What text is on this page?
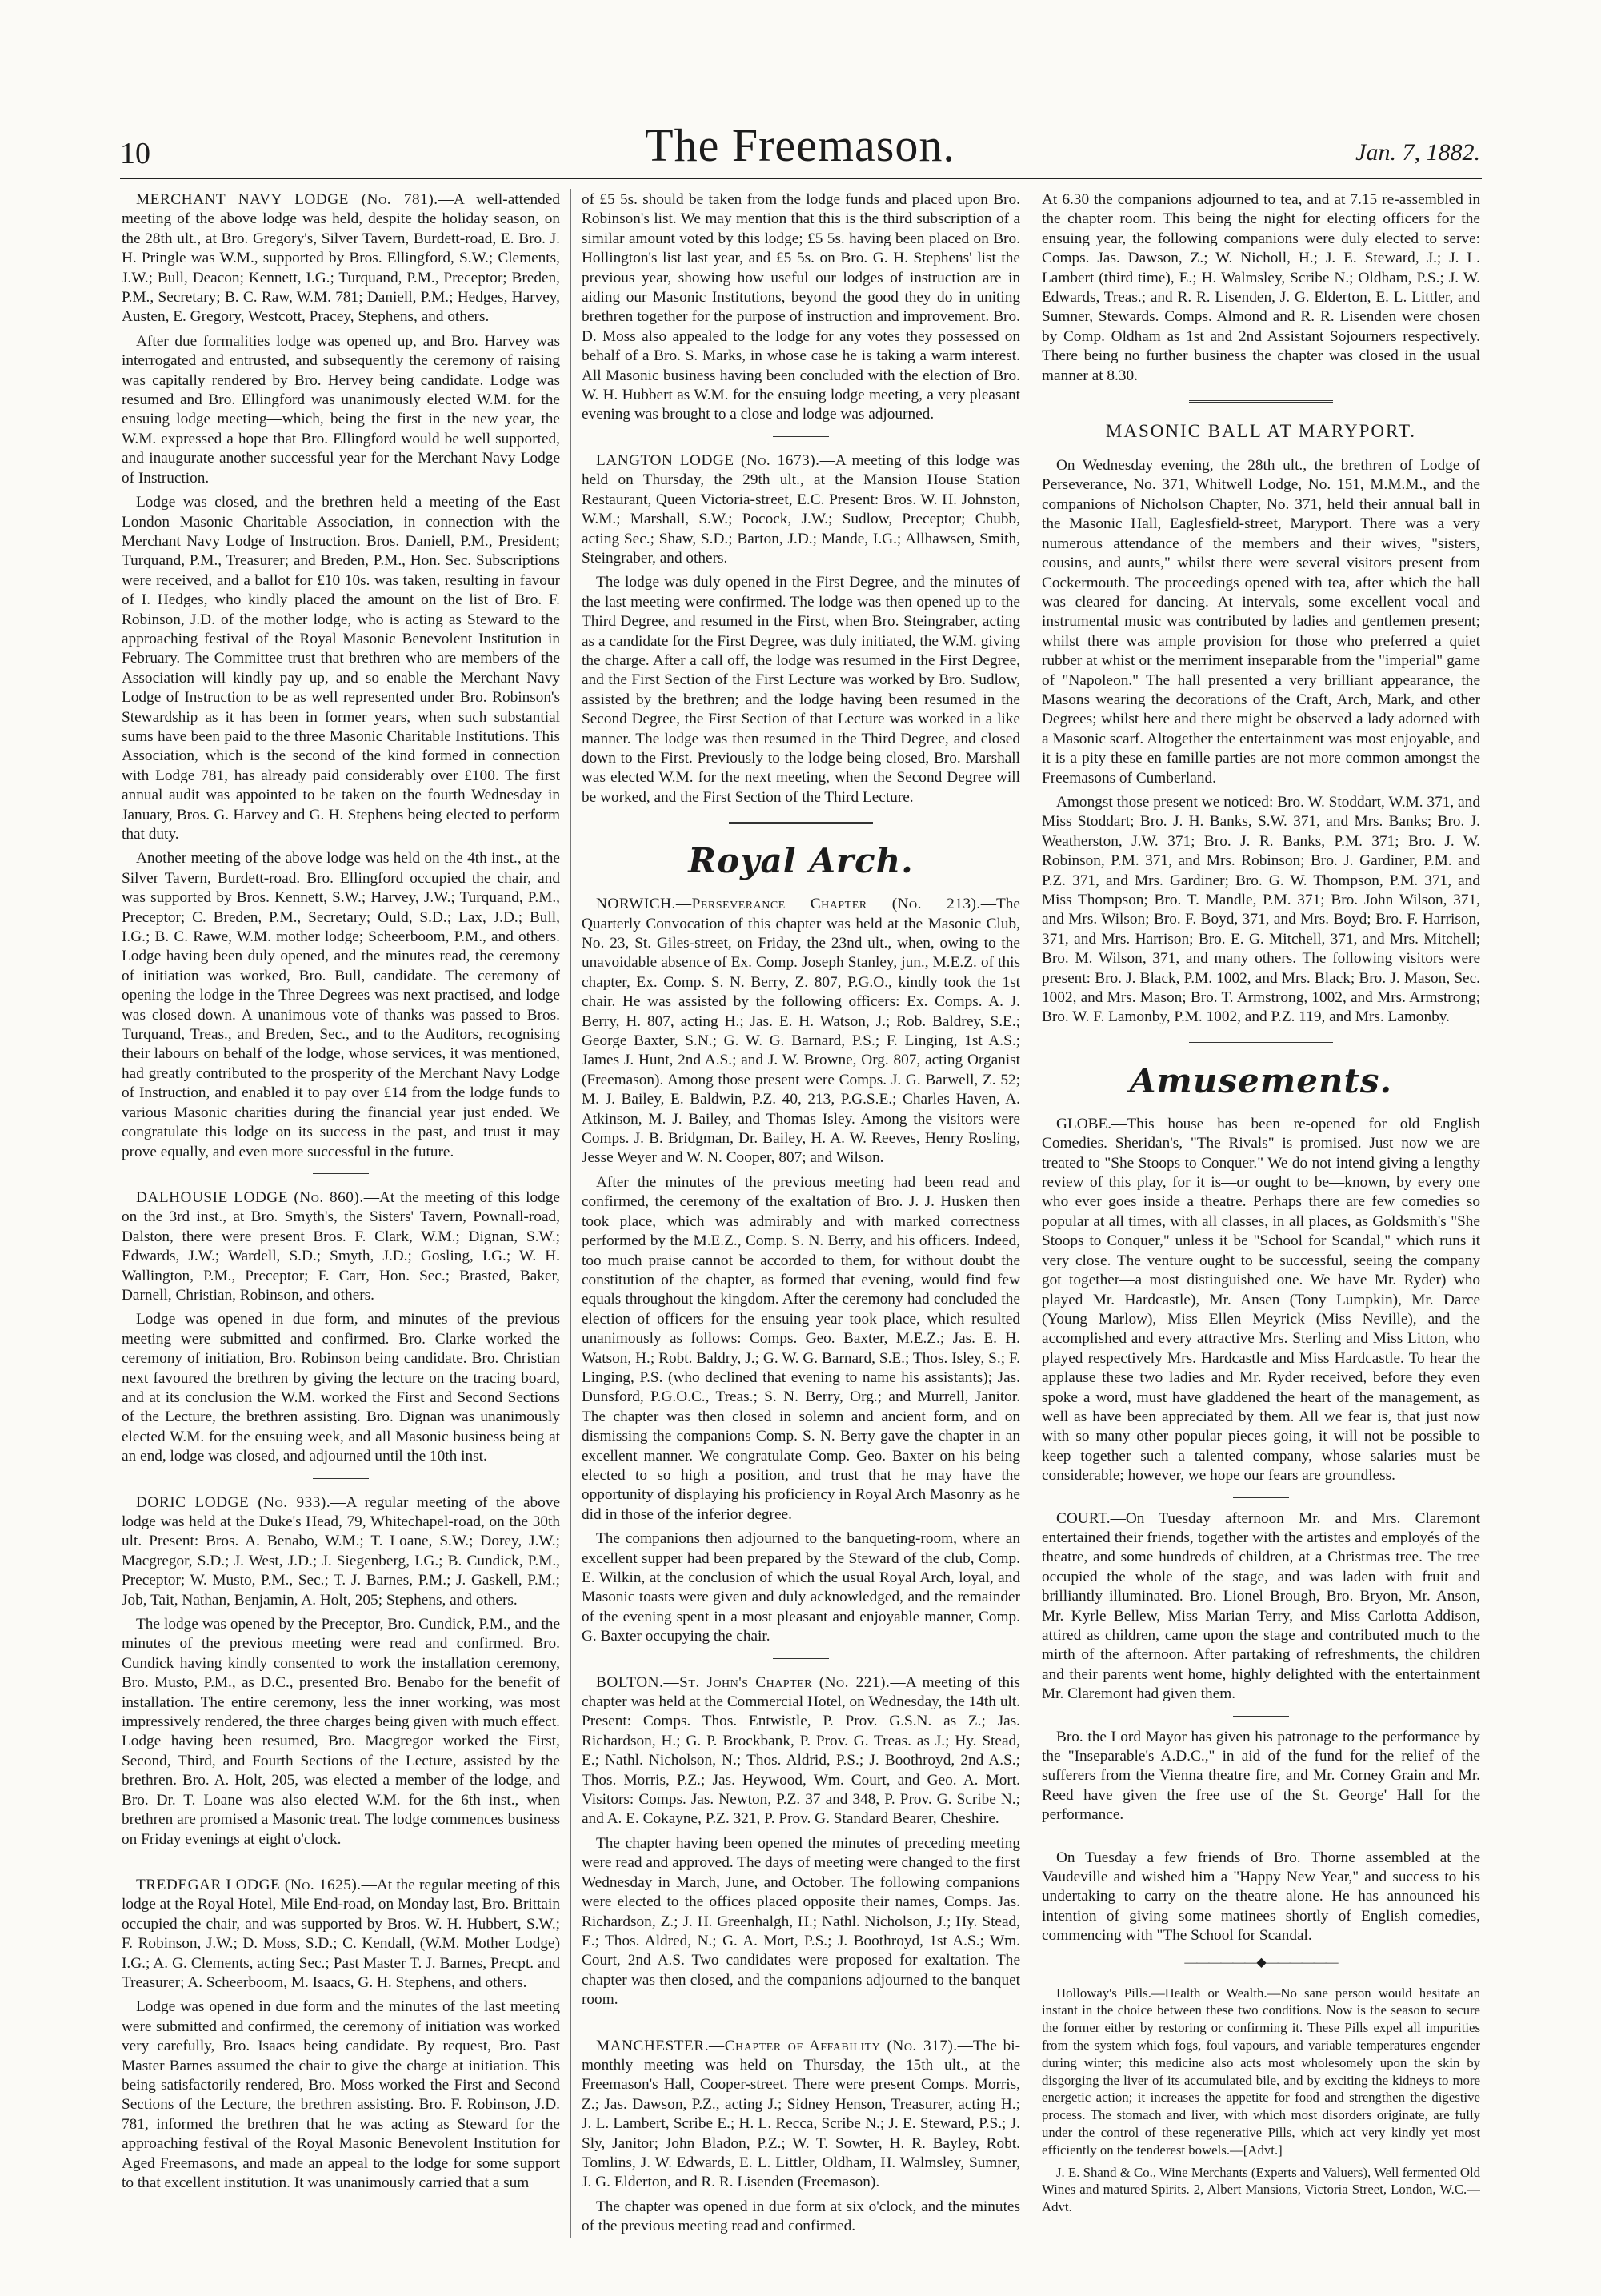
10	The Freemason.	Jan. 7, 1882.

MERCHANT NAVY LODGE (No. 781).—A well-attended meeting of the above lodge was held, despite the holiday season, on the 28th ult., at Bro. Gregory's, Silver Tavern, Burdett-road, E. Bro. J. H. Pringle was W.M., supported by Bros. Ellingford, S.W.; Clements, J.W.; Bull, Deacon; Kennett, I.G.; Turquand, P.M., Preceptor; Breden, P.M., Secretary; B. C. Raw, W.M. 781; Daniell, P.M.; Hedges, Harvey, Austen, E. Gregory, Westcott, Pracey, Stephens, and others.

After due formalities lodge was opened up, and Bro. Harvey was interrogated and entrusted, and subsequently the ceremony of raising was capitally rendered by Bro. Hervey being candidate. Lodge was resumed and Bro. Ellingford was unanimously elected W.M. for the ensuing lodge meeting—which, being the first in the new year, the W.M. expressed a hope that Bro. Ellingford would be well supported, and inaugurate another successful year for the Merchant Navy Lodge of Instruction.

Lodge was closed, and the brethren held a meeting of the East London Masonic Charitable Association, in connection with the Merchant Navy Lodge of Instruction. Bros. Daniell, P.M., President; Turquand, P.M., Treasurer; and Breden, P.M., Hon. Sec. Subscriptions were received, and a ballot for £10 10s. was taken, resulting in favour of I. Hedges, who kindly placed the amount on the list of Bro. F. Robinson, J.D. of the mother lodge, who is acting as Steward to the approaching festival of the Royal Masonic Benevolent Institution in February. The Committee trust that brethren who are members of the Association will kindly pay up, and so enable the Merchant Navy Lodge of Instruction to be as well represented under Bro. Robinson's Stewardship as it has been in former years, when such substantial sums have been paid to the three Masonic Charitable Institutions. This Association, which is the second of the kind formed in connection with Lodge 781, has already paid considerably over £100. The first annual audit was appointed to be taken on the fourth Wednesday in January, Bros. G. Harvey and G. H. Stephens being elected to perform that duty.

Another meeting of the above lodge was held on the 4th inst., at the Silver Tavern, Burdett-road. Bro. Ellingford occupied the chair, and was supported by Bros. Kennett, S.W.; Harvey, J.W.; Turquand, P.M., Preceptor; C. Breden, P.M., Secretary; Ould, S.D.; Lax, J.D.; Bull, I.G.; B. C. Rawe, W.M. mother lodge; Scheerboom, P.M., and others. Lodge having been duly opened, and the minutes read, the ceremony of initiation was worked, Bro. Bull, candidate. The ceremony of opening the lodge in the Three Degrees was next practised, and lodge was closed down. A unanimous vote of thanks was passed to Bros. Turquand, Treas., and Breden, Sec., and to the Auditors, recognising their labours on behalf of the lodge, whose services, it was mentioned, had greatly contributed to the prosperity of the Merchant Navy Lodge of Instruction, and enabled it to pay over £14 from the lodge funds to various Masonic charities during the financial year just ended. We congratulate this lodge on its success in the past, and trust it may prove equally, and even more successful in the future.

DALHOUSIE LODGE (No. 860).—At the meeting of this lodge on the 3rd inst., at Bro. Smyth's, the Sisters' Tavern, Pownall-road, Dalston, there were present Bros. F. Clark, W.M.; Dignan, S.W.; Edwards, J.W.; Wardell, S.D.; Smyth, J.D.; Gosling, I.G.; W. H. Wallington, P.M., Preceptor; F. Carr, Hon. Sec.; Brasted, Baker, Darnell, Christian, Robinson, and others.

Lodge was opened in due form, and minutes of the previous meeting were submitted and confirmed. Bro. Clarke worked the ceremony of initiation, Bro. Robinson being candidate. Bro. Christian next favoured the brethren by giving the lecture on the tracing board, and at its conclusion the W.M. worked the First and Second Sections of the Lecture, the brethren assisting. Bro. Dignan was unanimously elected W.M. for the ensuing week, and all Masonic business being at an end, lodge was closed, and adjourned until the 10th inst.

DORIC LODGE (No. 933).—A regular meeting of the above lodge was held at the Duke's Head, 79, Whitechapel-road, on the 30th ult. Present: Bros. A. Benabo, W.M.; T. Loane, S.W.; Dorey, J.W.; Macgregor, S.D.; J. West, J.D.; J. Siegenberg, I.G.; B. Cundick, P.M., Preceptor; W. Musto, P.M., Sec.; T. J. Barnes, P.M.; J. Gaskell, P.M.; Job, Tait, Nathan, Benjamin, A. Holt, 205; Stephens, and others.

The lodge was opened by the Preceptor, Bro. Cundick, P.M., and the minutes of the previous meeting were read and confirmed. Bro. Cundick having kindly consented to work the installation ceremony, Bro. Musto, P.M., as D.C., presented Bro. Benabo for the benefit of installation. The entire ceremony, less the inner working, was most impressively rendered, the three charges being given with much effect. Lodge having been resumed, Bro. Macgregor worked the First, Second, Third, and Fourth Sections of the Lecture, assisted by the brethren. Bro. A. Holt, 205, was elected a member of the lodge, and Bro. Dr. T. Loane was also elected W.M. for the 6th inst., when brethren are promised a Masonic treat. The lodge commences business on Friday evenings at eight o'clock.

TREDEGAR LODGE (No. 1625).—At the regular meeting of this lodge at the Royal Hotel, Mile End-road, on Monday last, Bro. Brittain occupied the chair, and was supported by Bros. W. H. Hubbert, S.W.; F. Robinson, J.W.; D. Moss, S.D.; C. Kendall, (W.M. Mother Lodge) I.G.; A. G. Clements, acting Sec.; Past Master T. J. Barnes, Precpt. and Treasurer; A. Scheerboom, M. Isaacs, G. H. Stephens, and others.

Lodge was opened in due form and the minutes of the last meeting were submitted and confirmed, the ceremony of initiation was worked very carefully, Bro. Isaacs being candidate. By request, Bro. Past Master Barnes assumed the chair to give the charge at initiation. This being satisfactorily rendered, Bro. Moss worked the First and Second Sections of the Lecture, the brethren assisting. Bro. F. Robinson, J.D. 781, informed the brethren that he was acting as Steward for the approaching festival of the Royal Masonic Benevolent Institution for Aged Freemasons, and made an appeal to the lodge for some support to that excellent institution. It was unanimously carried that a sum

of £5 5s. should be taken from the lodge funds and placed upon Bro. Robinson's list. We may mention that this is the third subscription of a similar amount voted by this lodge; £5 5s. having been placed on Bro. Hollington's list last year, and £5 5s. on Bro. G. H. Stephens' list the previous year, showing how useful our lodges of instruction are in aiding our Masonic Institutions, beyond the good they do in uniting brethren together for the purpose of instruction and improvement. Bro. D. Moss also appealed to the lodge for any votes they possessed on behalf of a Bro. S. Marks, in whose case he is taking a warm interest. All Masonic business having been concluded with the election of Bro. W. H. Hubbert as W.M. for the ensuing lodge meeting, a very pleasant evening was brought to a close and lodge was adjourned.

LANGTON LODGE (No. 1673).—A meeting of this lodge was held on Thursday, the 29th ult., at the Mansion House Station Restaurant, Queen Victoria-street, E.C. Present: Bros. W. H. Johnston, W.M.; Marshall, S.W.; Pocock, J.W.; Sudlow, Preceptor; Chubb, acting Sec.; Shaw, S.D.; Barton, J.D.; Mande, I.G.; Allhawsen, Smith, Steingraber, and others.

The lodge was duly opened in the First Degree, and the minutes of the last meeting were confirmed. The lodge was then opened up to the Third Degree, and resumed in the First, when Bro. Steingraber, acting as a candidate for the First Degree, was duly initiated, the W.M. giving the charge. After a call off, the lodge was resumed in the First Degree, and the First Section of the First Lecture was worked by Bro. Sudlow, assisted by the brethren; and the lodge having been resumed in the Second Degree, the First Section of that Lecture was worked in a like manner. The lodge was then resumed in the Third Degree, and closed down to the First. Previously to the lodge being closed, Bro. Marshall was elected W.M. for the next meeting, when the Second Degree will be worked, and the First Section of the Third Lecture.

Royal Arch.

NORWICH.—Perseverance Chapter (No. 213).—The Quarterly Convocation of this chapter was held at the Masonic Club, No. 23, St. Giles-street, on Friday, the 23nd ult., when, owing to the unavoidable absence of Ex. Comp. Joseph Stanley, jun., M.E.Z. of this chapter, Ex. Comp. S. N. Berry, Z. 807, P.G.O., kindly took the 1st chair. He was assisted by the following officers: Ex. Comps. A. J. Berry, H. 807, acting H.; Jas. E. H. Watson, J.; Rob. Baldrey, S.E.; George Baxter, S.N.; G. W. G. Barnard, P.S.; F. Linging, 1st A.S.; James J. Hunt, 2nd A.S.; and J. W. Browne, Org. 807, acting Organist (Freemason). Among those present were Comps. J. G. Barwell, Z. 52; M. J. Bailey, E. Baldwin, P.Z. 40, 213, P.G.S.E.; Charles Haven, A. Atkinson, M. J. Bailey, and Thomas Isley. Among the visitors were Comps. J. B. Bridgman, Dr. Bailey, H. A. W. Reeves, Henry Rosling, Jesse Weyer and W. N. Cooper, 807; and Wilson.

After the minutes of the previous meeting had been read and confirmed, the ceremony of the exaltation of Bro. J. J. Husken then took place, which was admirably and with marked correctness performed by the M.E.Z., Comp. S. N. Berry, and his officers. Indeed, too much praise cannot be accorded to them, for without doubt the constitution of the chapter, as formed that evening, would find few equals throughout the kingdom. After the ceremony had concluded the election of officers for the ensuing year took place, which resulted unanimously as follows: Comps. Geo. Baxter, M.E.Z.; Jas. E. H. Watson, H.; Robt. Baldry, J.; G. W. G. Barnard, S.E.; Thos. Isley, S.; F. Linging, P.S. (who declined that evening to name his assistants); Jas. Dunsford, P.G.O.C., Treas.; S. N. Berry, Org.; and Murrell, Janitor. The chapter was then closed in solemn and ancient form, and on dismissing the companions Comp. S. N. Berry gave the chapter in an excellent manner. We congratulate Comp. Geo. Baxter on his being elected to so high a position, and trust that he may have the opportunity of displaying his proficiency in Royal Arch Masonry as he did in those of the inferior degree.

The companions then adjourned to the banqueting-room, where an excellent supper had been prepared by the Steward of the club, Comp. E. Wilkin, at the conclusion of which the usual Royal Arch, loyal, and Masonic toasts were given and duly acknowledged, and the remainder of the evening spent in a most pleasant and enjoyable manner, Comp. G. Baxter occupying the chair.

BOLTON.—St. John's Chapter (No. 221).—A meeting of this chapter was held at the Commercial Hotel, on Wednesday, the 14th ult. Present: Comps. Thos. Entwistle, P. Prov. G.S.N. as Z.; Jas. Richardson, H.; G. P. Brockbank, P. Prov. G. Treas. as J.; Hy. Stead, E.; Nathl. Nicholson, N.; Thos. Aldrid, P.S.; J. Boothroyd, 2nd A.S.; Thos. Morris, P.Z.; Jas. Heywood, Wm. Court, and Geo. A. Mort. Visitors: Comps. Jas. Newton, P.Z. 37 and 348, P. Prov. G. Scribe N.; and A. E. Cokayne, P.Z. 321, P. Prov. G. Standard Bearer, Cheshire.

The chapter having been opened the minutes of preceding meeting were read and approved. The days of meeting were changed to the first Wednesday in March, June, and October. The following companions were elected to the offices placed opposite their names, Comps. Jas. Richardson, Z.; J. H. Greenhalgh, H.; Nathl. Nicholson, J.; Hy. Stead, E.; Thos. Aldred, N.; G. A. Mort, P.S.; J. Boothroyd, 1st A.S.; Wm. Court, 2nd A.S. Two candidates were proposed for exaltation. The chapter was then closed, and the companions adjourned to the banquet room.

MANCHESTER.—Chapter of Affability (No. 317).—The bi-monthly meeting was held on Thursday, the 15th ult., at the Freemason's Hall, Cooper-street. There were present Comps. Morris, Z.; Jas. Dawson, P.Z., acting J.; Sidney Henson, Treasurer, acting H.; J. L. Lambert, Scribe E.; H. L. Recca, Scribe N.; J. E. Steward, P.S.; J. Sly, Janitor; John Bladon, P.Z.; W. T. Sowter, H. R. Bayley, Robt. Tomlins, J. W. Edwards, E. L. Littler, Oldham, H. Walmsley, Sumner, J. G. Elderton, and R. R. Lisenden (Freemason).

The chapter was opened in due form at six o'clock, and the minutes of the previous meeting read and confirmed.

At 6.30 the companions adjourned to tea, and at 7.15 re-assembled in the chapter room. This being the night for electing officers for the ensuing year, the following companions were duly elected to serve: Comps. Jas. Dawson, Z.; W. Nicholl, H.; J. E. Steward, J.; J. L. Lambert (third time), E.; H. Walmsley, Scribe N.; Oldham, P.S.; J. W. Edwards, Treas.; and R. R. Lisenden, J. G. Elderton, E. L. Littler, and Sumner, Stewards. Comps. Almond and R. R. Lisenden were chosen by Comp. Oldham as 1st and 2nd Assistant Sojourners respectively. There being no further business the chapter was closed in the usual manner at 8.30.

MASONIC BALL AT MARYPORT.

On Wednesday evening, the 28th ult., the brethren of Lodge of Perseverance, No. 371, Whitwell Lodge, No. 151, M.M.M., and the companions of Nicholson Chapter, No. 371, held their annual ball in the Masonic Hall, Eaglesfield-street, Maryport. There was a very numerous attendance of the members and their wives, "sisters, cousins, and aunts," whilst there were several visitors present from Cockermouth. The proceedings opened with tea, after which the hall was cleared for dancing. At intervals, some excellent vocal and instrumental music was contributed by ladies and gentlemen present; whilst there was ample provision for those who preferred a quiet rubber at whist or the merriment inseparable from the "imperial" game of "Napoleon." The hall presented a very brilliant appearance, the Masons wearing the decorations of the Craft, Arch, Mark, and other Degrees; whilst here and there might be observed a lady adorned with a Masonic scarf. Altogether the entertainment was most enjoyable, and it is a pity these en famille parties are not more common amongst the Freemasons of Cumberland.

Amongst those present we noticed: Bro. W. Stoddart, W.M. 371, and Miss Stoddart; Bro. J. H. Banks, S.W. 371, and Mrs. Banks; Bro. J. Weatherston, J.W. 371; Bro. J. R. Banks, P.M. 371; Bro. J. W. Robinson, P.M. 371, and Mrs. Robinson; Bro. J. Gardiner, P.M. and P.Z. 371, and Mrs. Gardiner; Bro. G. W. Thompson, P.M. 371, and Miss Thompson; Bro. T. Mandle, P.M. 371; Bro. John Wilson, 371, and Mrs. Wilson; Bro. F. Boyd, 371, and Mrs. Boyd; Bro. F. Harrison, 371, and Mrs. Harrison; Bro. E. G. Mitchell, 371, and Mrs. Mitchell; Bro. M. Wilson, 371, and many others. The following visitors were present: Bro. J. Black, P.M. 1002, and Mrs. Black; Bro. J. Mason, Sec. 1002, and Mrs. Mason; Bro. T. Armstrong, 1002, and Mrs. Armstrong; Bro. W. F. Lamonby, P.M. 1002, and P.Z. 119, and Mrs. Lamonby.

Amusements.

GLOBE.—This house has been re-opened for old English Comedies. Sheridan's, "The Rivals" is promised. Just now we are treated to "She Stoops to Conquer." We do not intend giving a lengthy review of this play, for it is—or ought to be—known, by every one who ever goes inside a theatre. Perhaps there are few comedies so popular at all times, with all classes, in all places, as Goldsmith's "She Stoops to Conquer," unless it be "School for Scandal," which runs it very close. The venture ought to be successful, seeing the company got together—a most distinguished one. We have Mr. Ryder) who played Mr. Hardcastle), Mr. Ansen (Tony Lumpkin), Mr. Darce (Young Marlow), Miss Ellen Meyrick (Miss Neville), and the accomplished and every attractive Mrs. Sterling and Miss Litton, who played respectively Mrs. Hardcastle and Miss Hardcastle. To hear the applause these two ladies and Mr. Ryder received, before they even spoke a word, must have gladdened the heart of the management, as well as have been appreciated by them. All we fear is, that just now with so many other popular pieces going, it will not be possible to keep together such a talented company, whose salaries must be considerable; however, we hope our fears are groundless.

COURT.—On Tuesday afternoon Mr. and Mrs. Claremont entertained their friends, together with the artistes and employés of the theatre, and some hundreds of children, at a Christmas tree. The tree occupied the whole of the stage, and was laden with fruit and brilliantly illuminated. Bro. Lionel Brough, Bro. Bryon, Mr. Anson, Mr. Kyrle Bellew, Miss Marian Terry, and Miss Carlotta Addison, attired as children, came upon the stage and contributed much to the mirth of the afternoon. After partaking of refreshments, the children and their parents went home, highly delighted with the entertainment Mr. Claremont had given them.

Bro. the Lord Mayor has given his patronage to the performance by the "Inseparable's A.D.C.," in aid of the fund for the relief of the sufferers from the Vienna theatre fire, and Mr. Corney Grain and Mr. Reed have given the free use of the St. George' Hall for the performance.

On Tuesday a few friends of Bro. Thorne assembled at the Vaudeville and wished him a "Happy New Year," and success to his undertaking to carry on the theatre alone. He has announced his intention of giving some matinees shortly of English comedies, commencing with "The School for Scandal.

——————◆——————

Holloway's Pills.—Health or Wealth.—No sane person would hesitate an instant in the choice between these two conditions. Now is the season to secure the former either by restoring or confirming it. These Pills expel all impurities from the system which fogs, foul vapours, and variable temperatures engender during winter; this medicine also acts most wholesomely upon the skin by disgorging the liver of its accumulated bile, and by exciting the kidneys to more energetic action; it increases the appetite for food and strengthen the digestive process. The stomach and liver, with which most disorders originate, are fully under the control of these regenerative Pills, which act very kindly yet most efficiently on the tenderest bowels.—[Advt.]

J. E. Shand & Co., Wine Merchants (Experts and Valuers), Well fermented Old Wines and matured Spirits. 2, Albert Mansions, Victoria Street, London, W.C.—Advt.
